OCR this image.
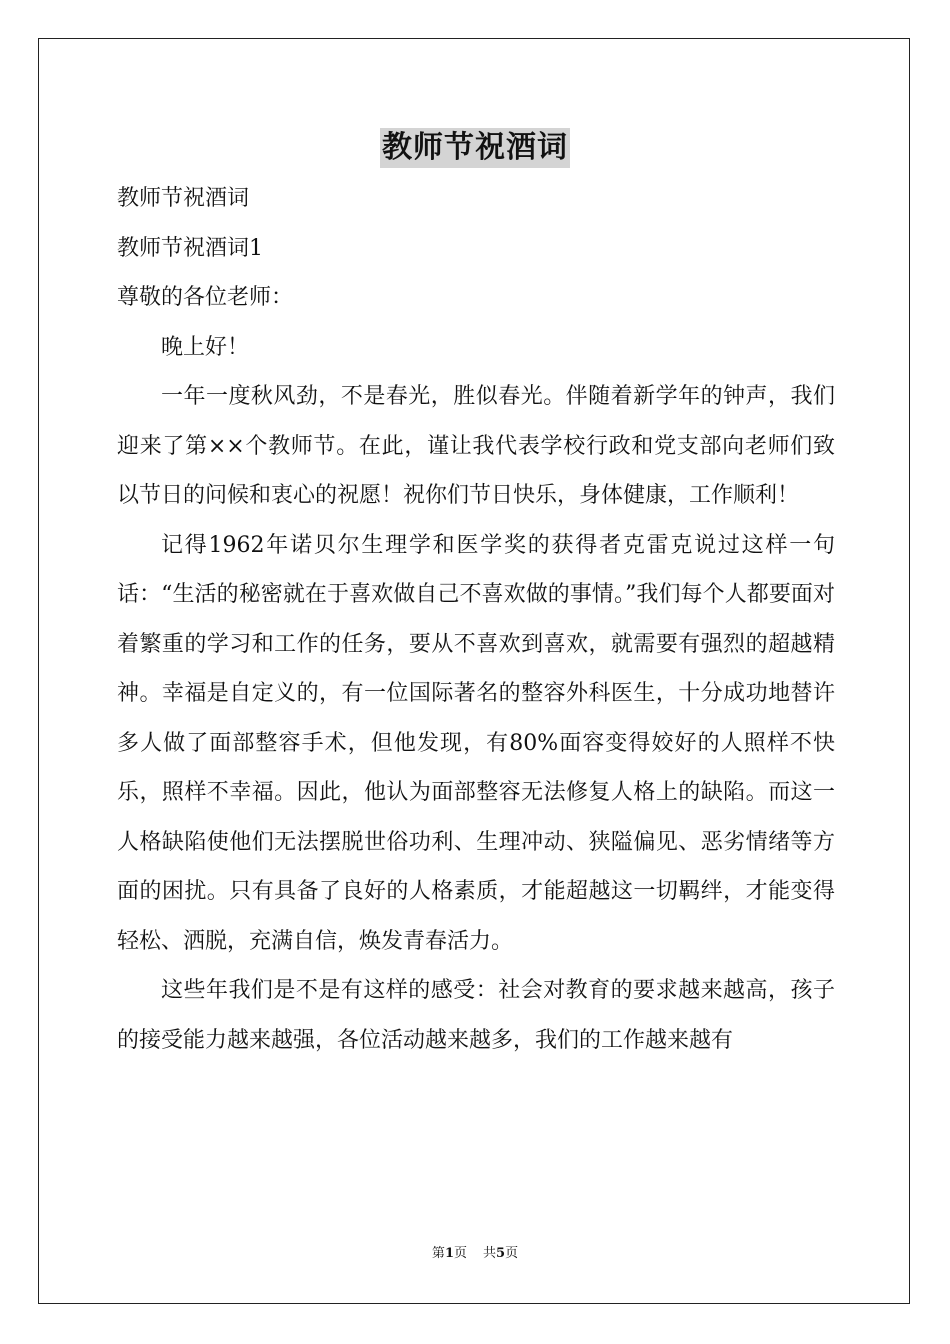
教师节祝酒词

教师节祝酒词

教师节祝酒词1

尊敬的各位老师：

晚上好！

一年一度秋风劲，不是春光，胜似春光。伴随着新学年的钟声，我们迎来了第××个教师节。在此，谨让我代表学校行政和党支部向老师们致以节日的问候和衷心的祝愿！祝你们节日快乐，身体健康，工作顺利！

记得1962年诺贝尔生理学和医学奖的获得者克雷克说过这样一句话：“生活的秘密就在于喜欢做自己不喜欢做的事情。”我们每个人都要面对着繁重的学习和工作的任务，要从不喜欢到喜欢，就需要有强烈的超越精神。幸福是自定义的，有一位国际著名的整容外科医生，十分成功地替许多人做了面部整容手术，但他发现，有80%面容变得姣好的人照样不快乐，照样不幸福。因此，他认为面部整容无法修复人格上的缺陷。而这一人格缺陷使他们无法摆脱世俗功利、生理冲动、狭隘偏见、恶劣情绪等方面的困扰。只有具备了良好的人格素质，才能超越这一切羁绊，才能变得轻松、洒脱，充满自信，焕发青春活力。

这些年我们是不是有这样的感受：社会对教育的要求越来越高，孩子的接受能力越来越强，各位活动越来越多，我们的工作越来越有

第1页 共5页
